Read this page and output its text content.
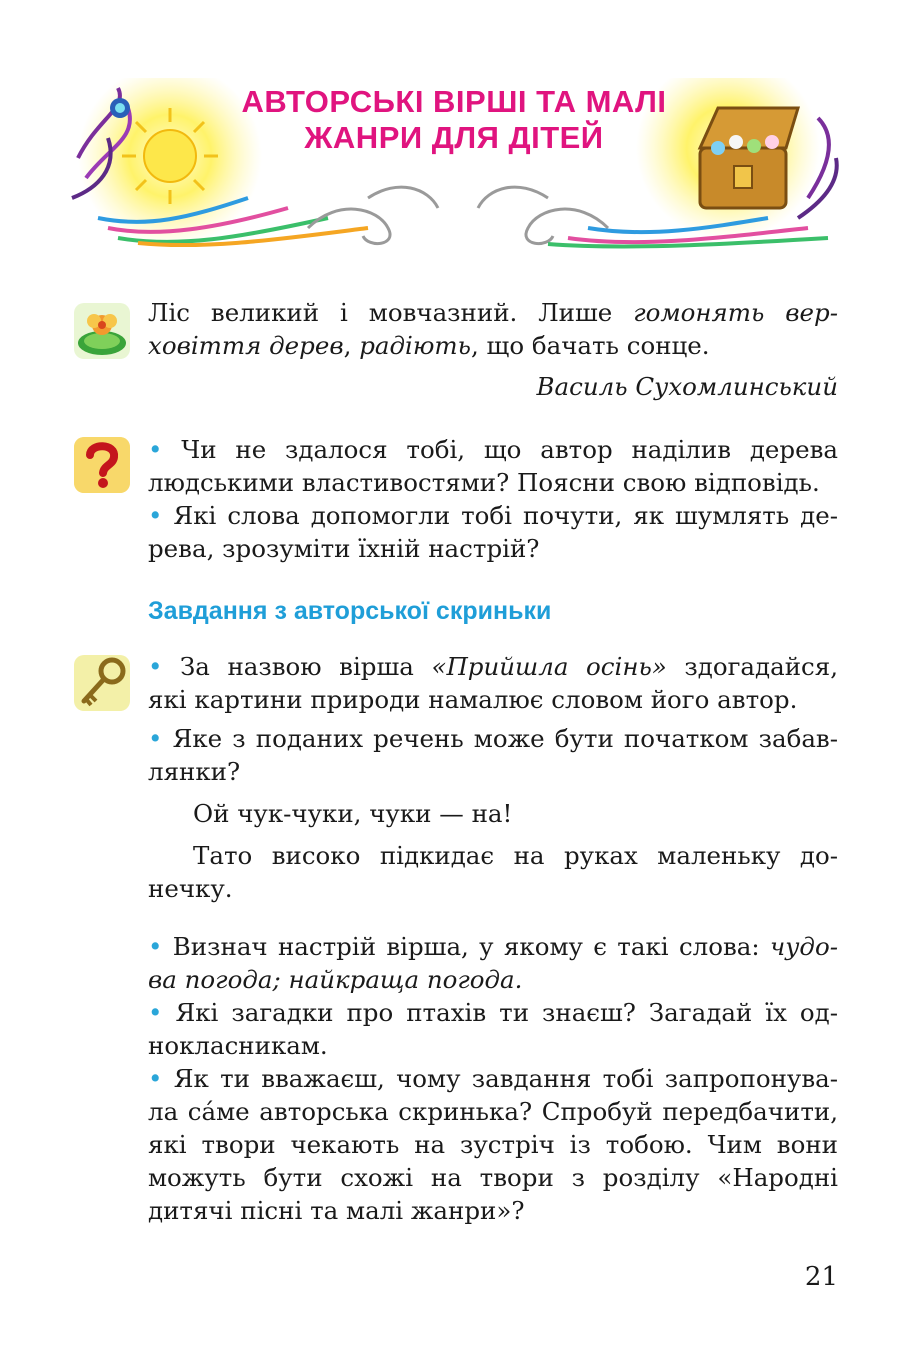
АВТОРСЬКІ ВІРШІ ТА МАЛІ
ЖАНРИ ДЛЯ ДІТЕЙ
Ліс великий і мовчазний. Лише гомонять вер-
ховіття дерев, радіють, що бачать сонце.
Василь Сухомлинський
• Чи не здалося тобі, що автор наділив дерева
людськими властивостями? Поясни свою відповідь.
• Які слова допомогли тобі почути, як шумлять де-
рева, зрозуміти їхній настрій?
Завдання з авторської скриньки
• За назвою вірша «Прийшла осінь» здогадайся,
які картини природи намалює словом його автор.
• Яке з поданих речень може бути початком забав-
лянки?
Ой чук-чуки, чуки — на!
Тато високо підкидає на руках маленьку до-
нечку.
• Визнач настрій вірша, у якому є такі слова: чудо-
ва погода; найкраща погода.
• Які загадки про птахів ти знаєш? Загадай їх од-
нокласникам.
• Як ти вважаєш, чому завдання тобі запропонува-
ла са́ме авторська скринька? Спробуй передбачити,
які твори чекають на зустріч із тобою. Чим вони
можуть бути схожі на твори з розділу «Народні
дитячі пісні та малі жанри»?
21
